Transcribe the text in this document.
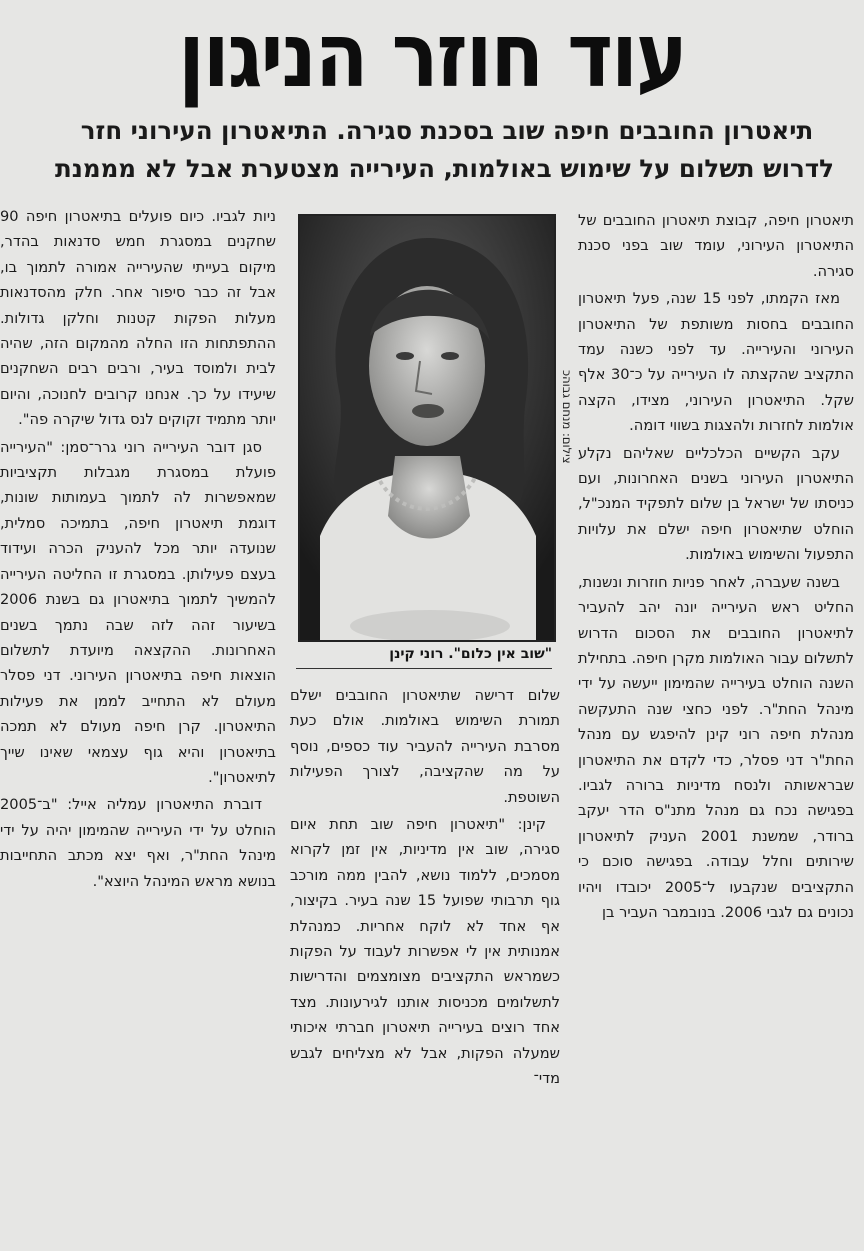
עוד חוזר הניגון
תיאטרון החובבים חיפה שוב בסכנת סגירה. התיאטרון העירוני חזר
לדרוש תשלום על שימוש באולמות, העירייה מצטערת אבל לא מממנת

תיאטרון חיפה, קבוצת תיאטרון החובבים של התיאטרון העירוני, עומד שוב בפני סכנת סגירה.

מאז הקמתו, לפני 15 שנה, פעל תיאטרון החובבים בחסות משותפת של התיאטרון העירוני והעירייה. עד לפני כשנה עמד התקציב שהקצתה לו העירייה על כ־30 אלף שקל. התיאטרון העירוני, מצידו, הקצה אולמות לחזרות ולהצגות בשווי דומה.

עקב הקשיים הכלכליים שאליהם נקלע התיאטרון העירוני בשנים האחרונות, ועם כניסתו של ישראל בן שלום לתפקיד המנכ"ל, הוחלט שתיאטרון חיפה ישלם את עלויות התפעול והשימוש באולמות.

בשנה שעברה, לאחר פניות חוזרות ונשנות, החליט ראש העירייה יונה יהב להעביר לתיאטרון החובבים את הסכום הדרוש לתשלום עבור האולמות מקרן חיפה. בתחילת השנה הוחלט בעירייה שהמימון ייעשה על ידי מינהל החת"ר. לפני כחצי שנה התעקשה מנהלת חיפה רוני קינן להיפגש עם מנהל החת"ר דני פסלר, כדי לקדם את התיאטרון שבראשותה ולנסח מדיניות ברורה לגביו. בפגישה נכח גם מנהל מתנ"ס הדר יעקב ברודר, שמשנת 2001 העניק לתיאטרון שירותים וחלל עבודה. בפגישה סוכם כי התקציבים שנקבעו ל־2005 יכובדו ויהיו נכונים גם לגבי 2006. בנובמבר העביר בן

צילום: מנחם גבוהכ
"שוב אין כלום". רוני קינן

שלום דרישה שתיאטרון החובבים ישלם תמורת השימוש באולמות. אולם כעת מסרבת העירייה להעביר עוד כספים, נוסף על מה שהקציבה, לצורך הפעילות השוטפת.

קינן: "תיאטרון חיפה שוב תחת איום סגירה, שוב אין מדיניות, אין זמן לקרוא מסמכים, ללמוד נושא, להבין ממה מורכב גוף תרבותי שפועל 15 שנה בעיר. בקיצור, אף אחד לא לוקח אחריות. כמנהלת אמנותית אין לי אפשרות לעבוד על הפקות כשמראש התקציבים מצומצמים והדרישות לתשלומים מכניסות אותנו לגירעונות. מצד אחד רוצים בעירייה תיאטרון חברתי איכותי שמעלה הפקות, אבל לא מצליחים לגבש מדי־

ניות לגביו. כיום פועלים בתיאטרון חיפה 90 שחקנים במסגרת חמש סדנאות בהדר, מיקום בעייתי שהעירייה אמורה לתמוך בו, אבל זה כבר סיפור אחר. חלק מהסדנאות מעלות הפקות קטנות וחלקן גדולות. ההתפתחות הזו החלה מהמקום הזה, שהיה לבית ולמוסד בעיר, ורבים רבים השחקנים שיעידו על כך. אנחנו קרובים לחנוכה, והיום יותר מתמיד זקוקים לנס גדול שיקרה פה".

סגן דובר העירייה רוני גרר־סמן: "העירייה פועלת במסגרת מגבלות תקציביות שמאפשרות לה לתמוך בעמותות שונות, דוגמת תיאטרון חיפה, בתמיכה סמלית, שנועדה יותר מכל להעניק הכרה ועידוד בעצם פעילותן. במסגרת זו החליטה העירייה להמשיך לתמוך בתיאטרון גם בשנת 2006 בשיעור זהה לזה שבה נתמך בשנים האחרונות. ההקצאה מיועדת לתשלום הוצאות חיפה בתיאטרון העירוני. דני פסלר מעולם לא התחייב לממן את פעילות התיאטרון. קרן חיפה מעולם לא תמכה בתיאטרון והיא גוף עצמאי שאינו שייך לתיאטרון".

דוברת התיאטרון עמליה אייל: "ב־2005 הוחלט על ידי העירייה שהמימון יהיה על ידי מינהל החת"ר, ואף יצא מכתב התחייבות בנושא מראש המינהל היוצא".
